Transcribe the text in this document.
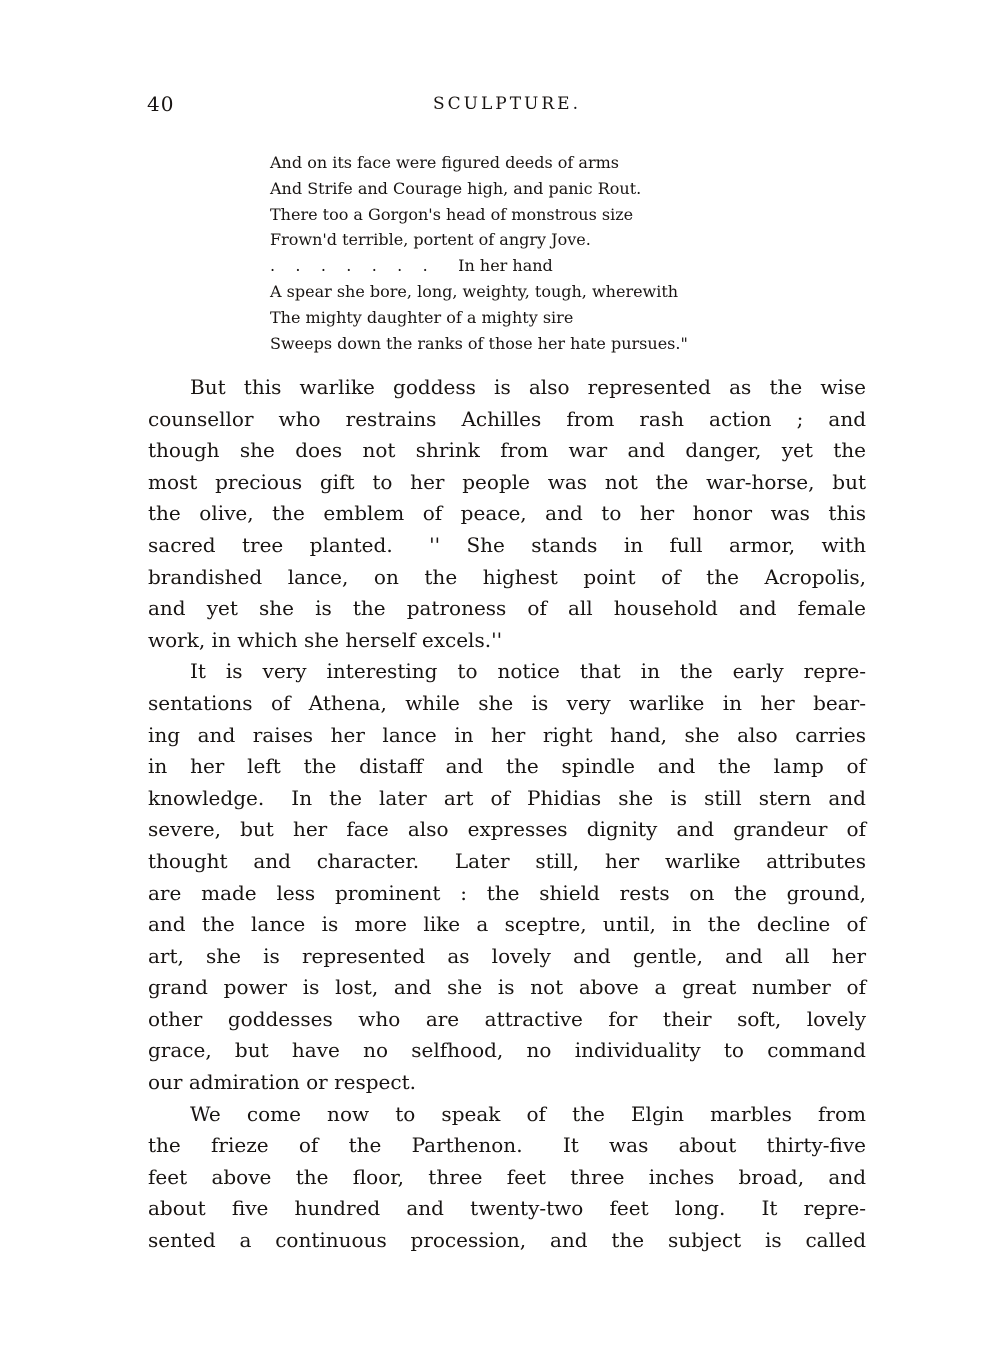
40	SCULPTURE.
And on its face were figured deeds of arms
And Strife and Courage high, and panic Rout.
There too a Gorgon's head of monstrous size
Frown'd terrible, portent of angry Jove.
.    .    .    .    .    .    .      In her hand
A spear she bore, long, weighty, tough, wherewith
The mighty daughter of a mighty sire
Sweeps down the ranks of those her hate pursues."
But this warlike goddess is also represented as the wise
counsellor who restrains Achilles from rash action ; and
though she does not shrink from war and danger, yet the
most precious gift to her people was not the war-horse, but
the olive, the emblem of peace, and to her honor was this
sacred tree planted.  '' She stands in full armor, with
brandished lance, on the highest point of the Acropolis,
and yet she is the patroness of all household and female
work, in which she herself excels.''
It is very interesting to notice that in the early repre-
sentations of Athena, while she is very warlike in her bear-
ing and raises her lance in her right hand, she also carries
in her left the distaff and the spindle and the lamp of
knowledge.  In the later art of Phidias she is still stern and
severe, but her face also expresses dignity and grandeur of
thought and character.  Later still, her warlike attributes
are made less prominent : the shield rests on the ground,
and the lance is more like a sceptre, until, in the decline of
art, she is represented as lovely and gentle, and all her
grand power is lost, and she is not above a great number of
other goddesses who are attractive for their soft, lovely
grace, but have no selfhood, no individuality to command
our admiration or respect.
We come now to speak of the Elgin marbles from
the frieze of the Parthenon.  It was about thirty-five
feet above the floor, three feet three inches broad, and
about five hundred and twenty-two feet long.  It repre-
sented a continuous procession, and the subject is called
